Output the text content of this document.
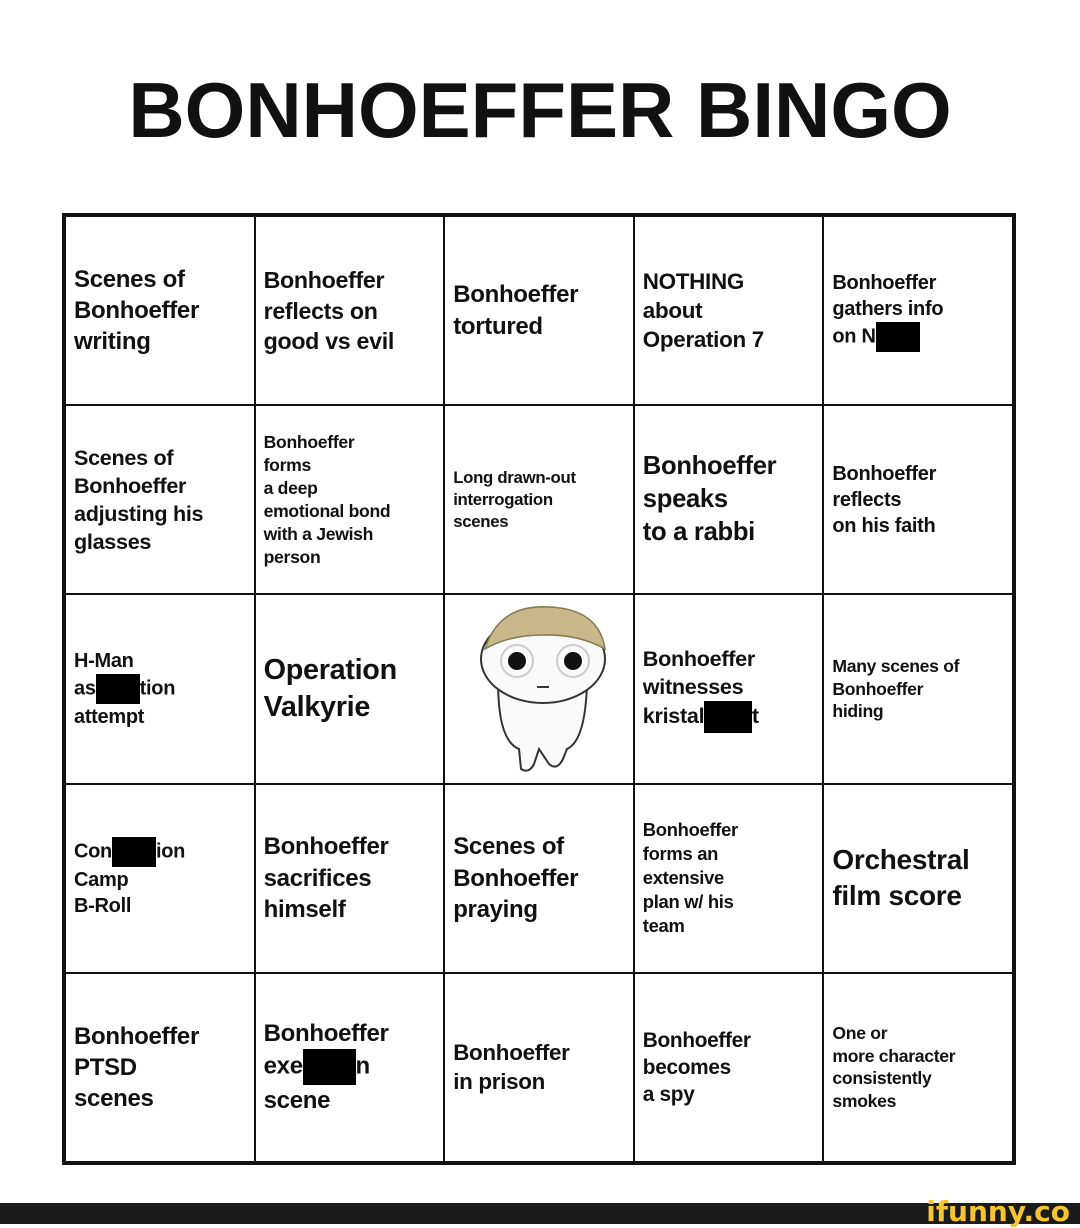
BONHOEFFER BINGO
Scenes of
Bonhoeffer
writing
Bonhoeffer
reflects on
good vs evil
Bonhoeffer
tortured
NOTHING
about
Operation 7
Bonhoeffer
gathers info
on N
Scenes of
Bonhoeffer
adjusting his
glasses
Bonhoeffer
forms
a deep
emotional bond
with a Jewish
person
Long drawn-out
interrogation
scenes
Bonhoeffer
speaks
to a rabbi
Bonhoeffer
reflects
on his faith
H-Man
as tion
attempt
Operation
Valkyrie
Bonhoeffer
witnesses
kristal t
Many scenes of
Bonhoeffer
hiding
Con ion
Camp
B-Roll
Bonhoeffer
sacrifices
himself
Scenes of
Bonhoeffer
praying
Bonhoeffer
forms an
extensive
plan w/ his
team
Orchestral
film score
Bonhoeffer
PTSD
scenes
Bonhoeffer
exe n
scene
Bonhoeffer
in prison
Bonhoeffer
becomes
a spy
One or
more character
consistently
smokes
ifunny.co
